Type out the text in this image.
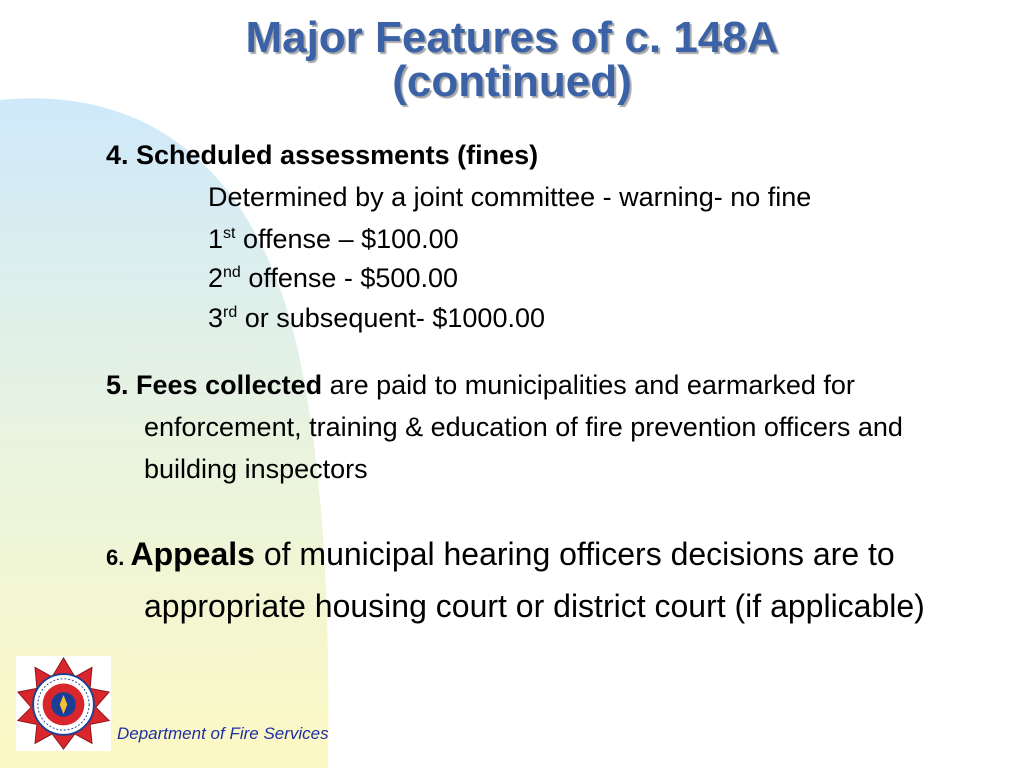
Major Features of c. 148A
(continued)

4. Scheduled assessments (fines)

Determined by a joint committee - warning- no fine

1st offense – $100.00

2nd offense - $500.00

3rd or subsequent- $1000.00

5. Fees collected are paid to municipalities and earmarked for enforcement, training & education of fire prevention officers and building inspectors

6. Appeals of municipal hearing officers decisions are to appropriate housing court or district court (if applicable)

Department of Fire Services
